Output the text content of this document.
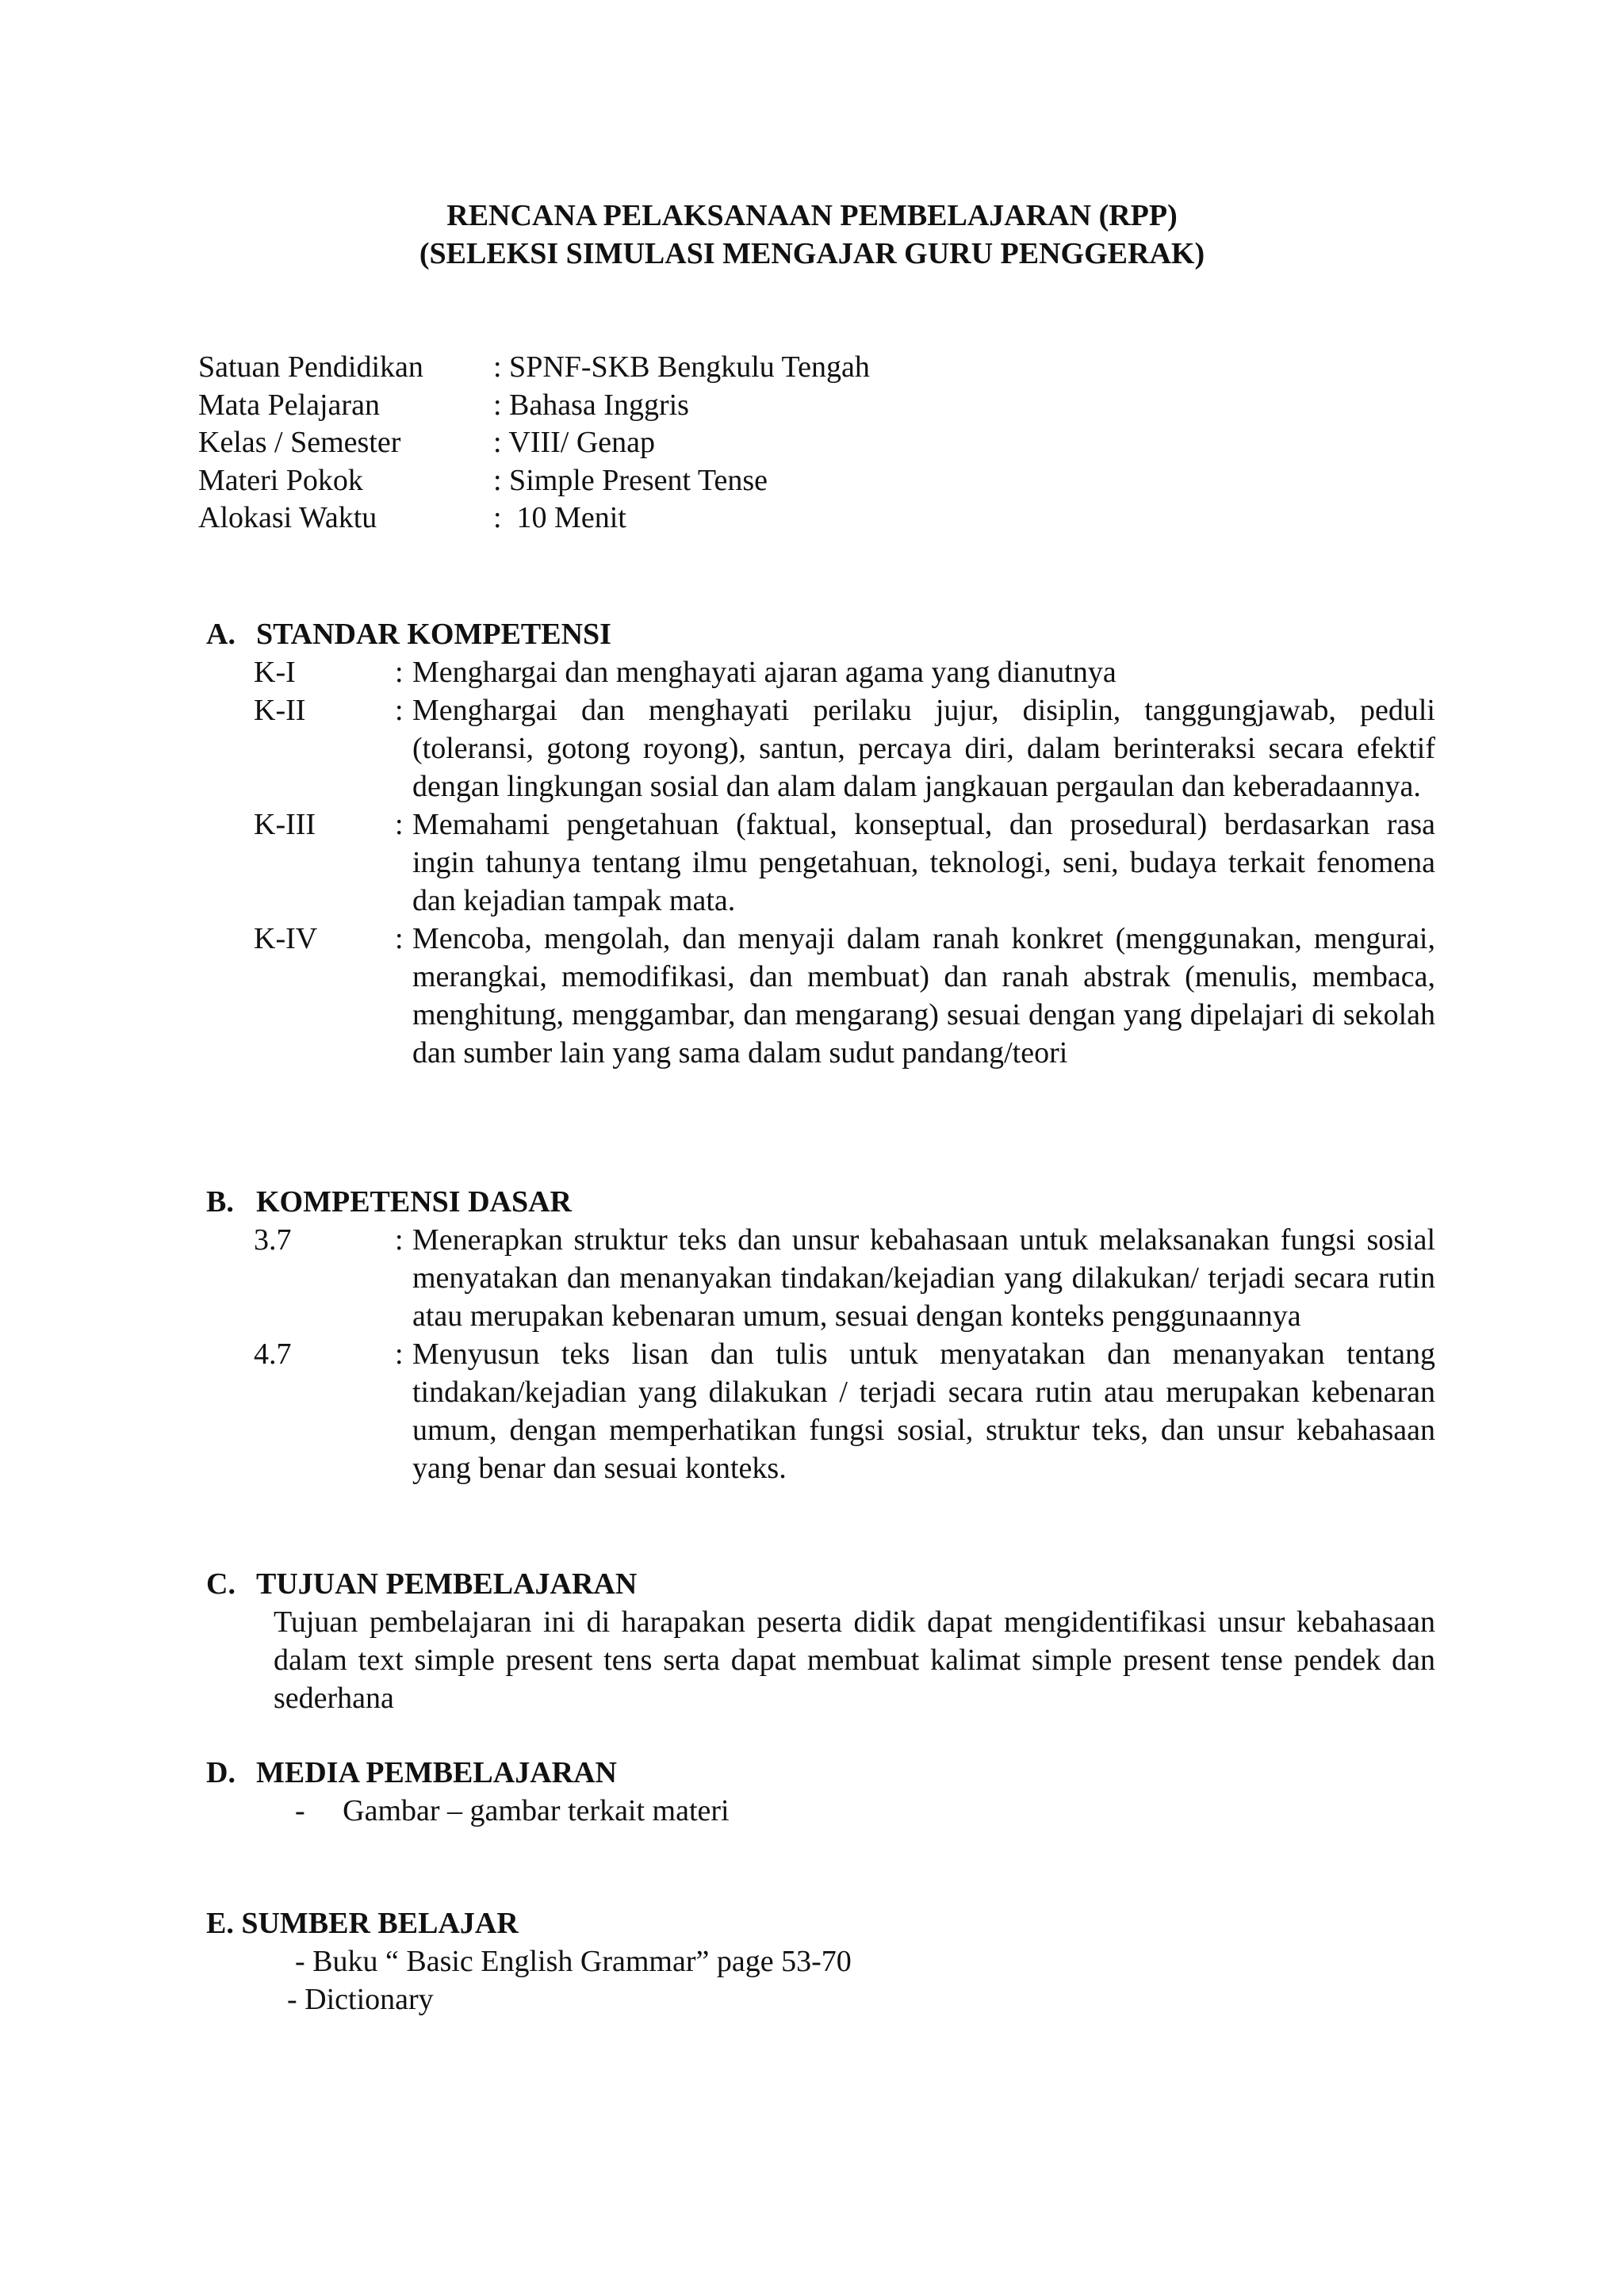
RENCANA PELAKSANAAN PEMBELAJARAN (RPP)
(SELEKSI SIMULASI MENGAJAR GURU PENGGERAK)
Satuan Pendidikan	: SPNF-SKB Bengkulu Tengah
Mata Pelajaran	: Bahasa Inggris
Kelas / Semester	: VIII/ Genap
Materi Pokok	: Simple Present Tense
Alokasi Waktu	:  10 Menit
A. STANDAR KOMPETENSI
K-I	: Menghargai dan menghayati ajaran agama yang dianutnya
K-II	: Menghargai dan menghayati perilaku jujur, disiplin, tanggungjawab, peduli (toleransi, gotong royong), santun, percaya diri, dalam berinteraksi secara efektif dengan lingkungan sosial dan alam dalam jangkauan pergaulan dan keberadaannya.
K-III	: Memahami pengetahuan (faktual, konseptual, dan prosedural) berdasarkan rasa ingin tahunya tentang ilmu pengetahuan, teknologi, seni, budaya terkait fenomena dan kejadian tampak mata.
K-IV	: Mencoba, mengolah, dan menyaji dalam ranah konkret (menggunakan, mengurai, merangkai, memodifikasi, dan membuat) dan ranah abstrak (menulis, membaca, menghitung, menggambar, dan mengarang) sesuai dengan yang dipelajari di sekolah dan sumber lain yang sama dalam sudut pandang/teori
B. KOMPETENSI DASAR
3.7	: Menerapkan struktur teks dan unsur kebahasaan untuk melaksanakan fungsi sosial menyatakan dan menanyakan tindakan/kejadian yang dilakukan/ terjadi secara rutin atau merupakan kebenaran umum, sesuai dengan konteks penggunaannya
4.7	: Menyusun teks lisan dan tulis untuk menyatakan dan menanyakan tentang tindakan/kejadian yang dilakukan / terjadi secara rutin atau merupakan kebenaran umum, dengan memperhatikan fungsi sosial, struktur teks, dan unsur kebahasaan yang benar dan sesuai konteks.
C. TUJUAN PEMBELAJARAN
Tujuan pembelajaran ini di harapakan peserta didik dapat mengidentifikasi unsur kebahasaan dalam text simple present tens serta dapat membuat kalimat simple present tense pendek dan sederhana
D. MEDIA PEMBELAJARAN
-     Gambar – gambar terkait materi
E. SUMBER BELAJAR
- Buku “ Basic English Grammar” page 53-70
- Dictionary
